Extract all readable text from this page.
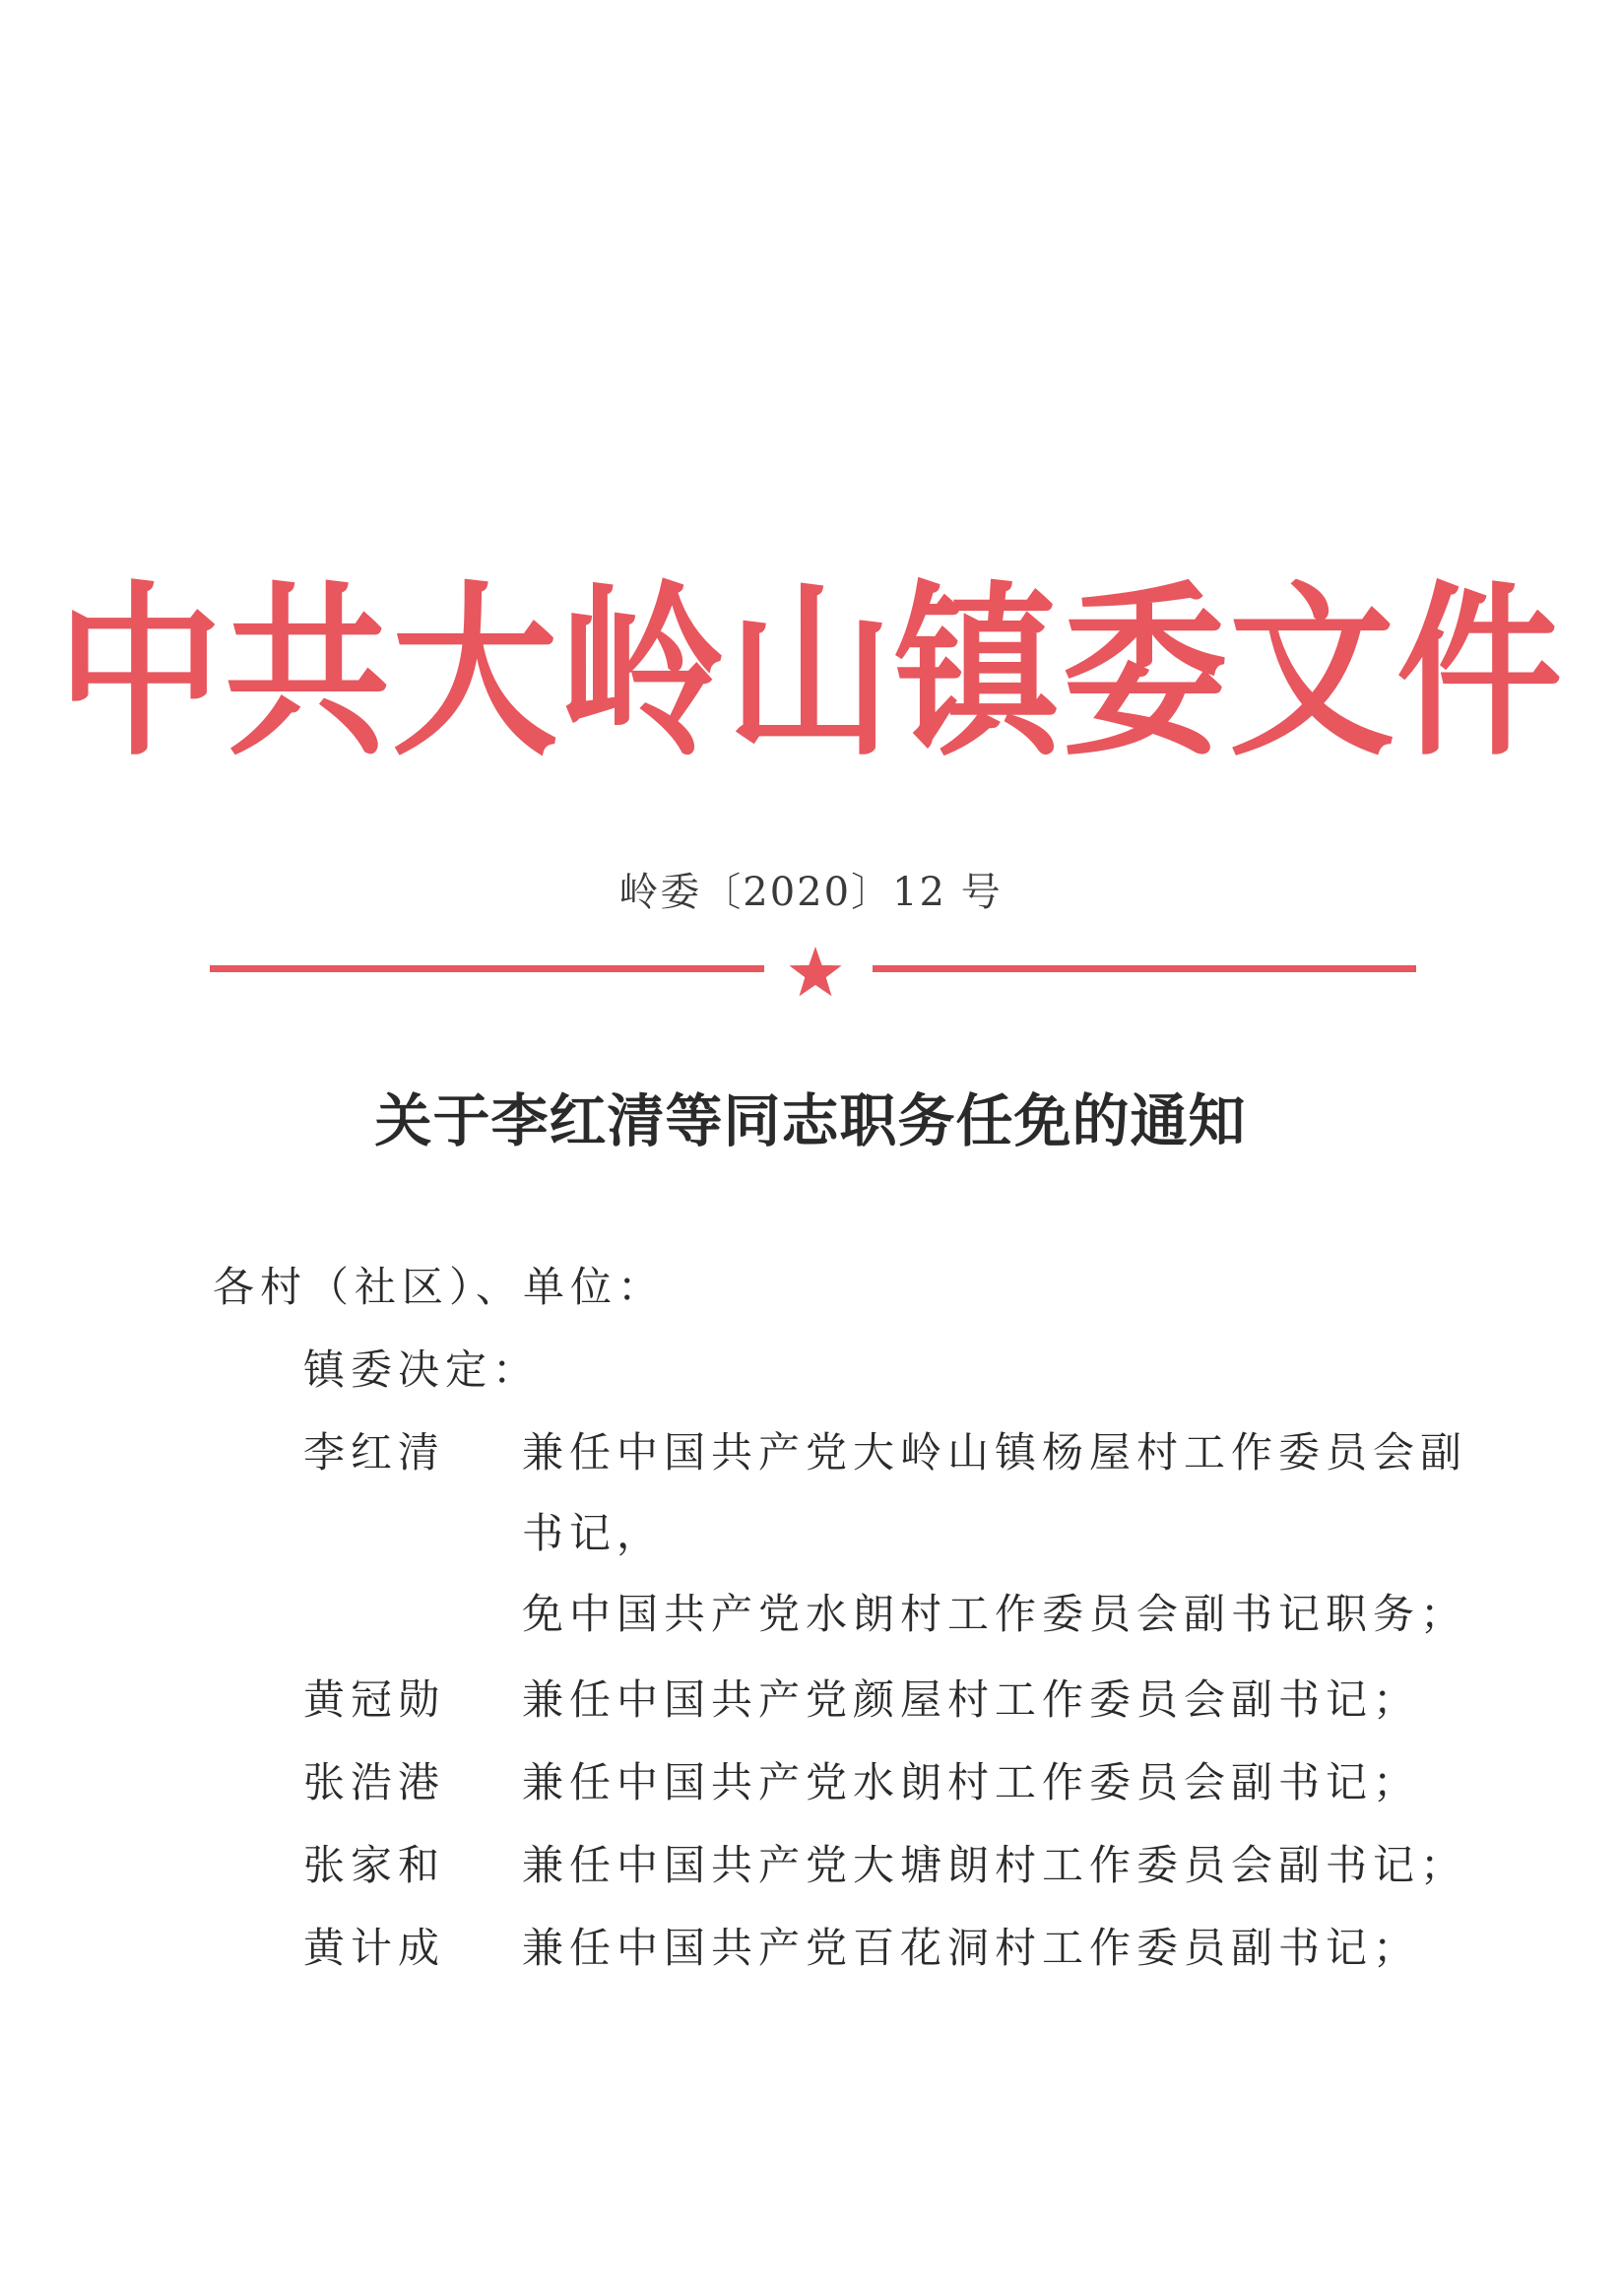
中共大岭山镇委文件
岭委〔2020〕12 号
关于李红清等同志职务任免的通知
各村（社区）、单位：
镇委决定：
李红清	兼任中国共产党大岭山镇杨屋村工作委员会副
书记，
免中国共产党水朗村工作委员会副书记职务；
黄冠勋	兼任中国共产党颜屋村工作委员会副书记；
张浩港	兼任中国共产党水朗村工作委员会副书记；
张家和	兼任中国共产党大塘朗村工作委员会副书记；
黄计成	兼任中国共产党百花洞村工作委员副书记；
